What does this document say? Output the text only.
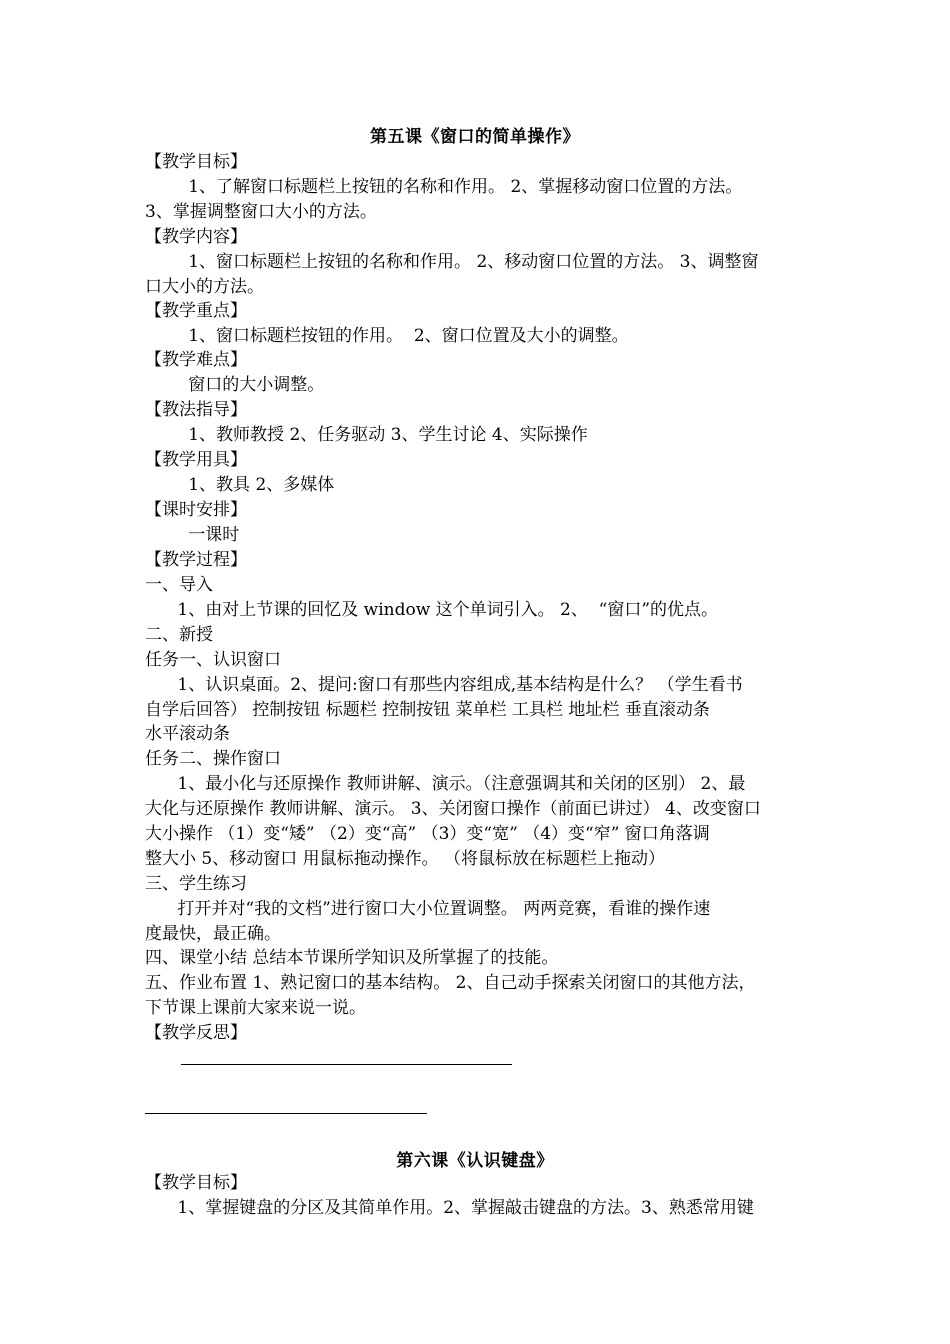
第五课《窗口的简单操作》
【教学目标】
1、了解窗口标题栏上按钮的名称和作用。 2、掌握移动窗口位置的方法。
3、掌握调整窗口大小的方法。
【教学内容】
1、窗口标题栏上按钮的名称和作用。 2、移动窗口位置的方法。 3、调整窗
口大小的方法。
【教学重点】
1、窗口标题栏按钮的作用。  2、窗口位置及大小的调整。
【教学难点】
窗口的大小调整。
【教法指导】
1、教师教授 2、任务驱动 3、学生讨论 4、实际操作
【教学用具】
1、教具 2、多媒体
【课时安排】
一课时
【教学过程】
一、导入
1、由对上节课的回忆及 window 这个单词引入。 2、  “窗口”的优点。
二、新授
任务一、认识窗口
1、认识桌面。2、提问:窗口有那些内容组成,基本结构是什么？ （学生看书
自学后回答） 控制按钮 标题栏 控制按钮 菜单栏 工具栏 地址栏 垂直滚动条
水平滚动条
任务二、操作窗口
1、最小化与还原操作 教师讲解、演示。（注意强调其和关闭的区别） 2、最
大化与还原操作 教师讲解、演示。 3、关闭窗口操作（前面已讲过） 4、改变窗口
大小操作 （1）变“矮” （2）变“高” （3）变“宽” （4）变“窄” 窗口角落调
整大小 5、移动窗口 用鼠标拖动操作。 （将鼠标放在标题栏上拖动）
三、学生练习
打开并对“我的文档”进行窗口大小位置调整。 两两竞赛，看谁的操作速
度最快，最正确。
四、课堂小结 总结本节课所学知识及所掌握了的技能。
五、作业布置 1、熟记窗口的基本结构。 2、自己动手探索关闭窗口的其他方法，
下节课上课前大家来说一说。
【教学反思】
第六课《认识键盘》
【教学目标】
1、掌握键盘的分区及其简单作用。2、掌握敲击键盘的方法。3、熟悉常用键
